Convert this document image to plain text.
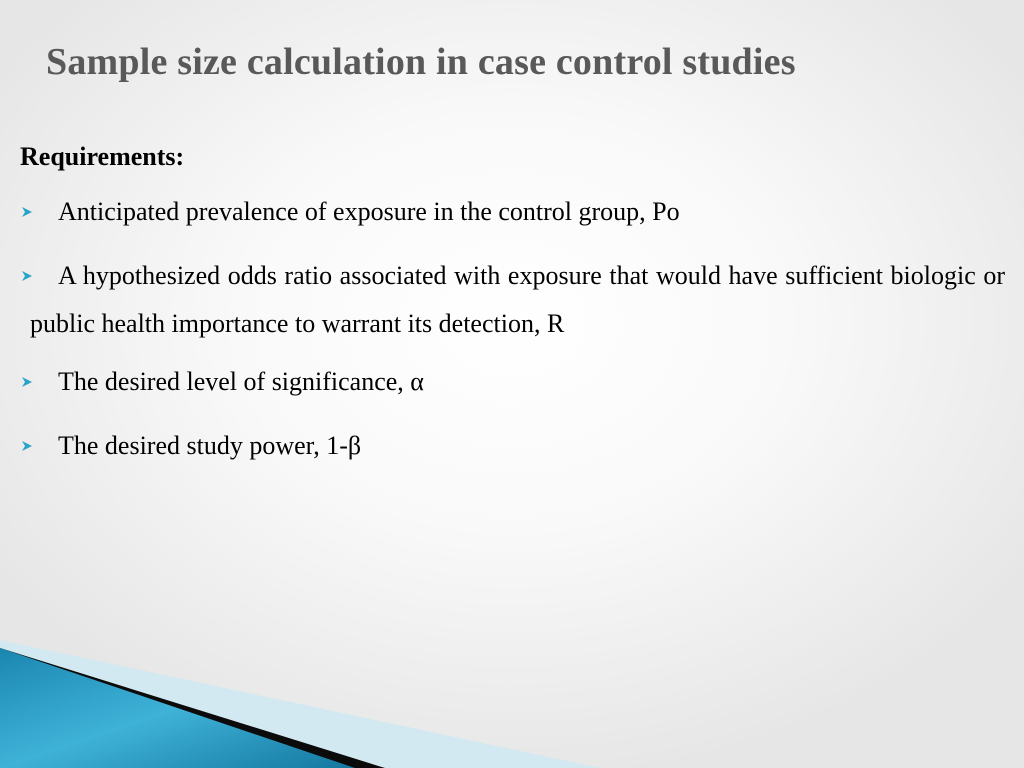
Sample size calculation in case control studies
Requirements:
Anticipated prevalence of exposure in the control group, Po
A hypothesized odds ratio associated with exposure that would have sufficient biologic or public health importance to warrant its detection, R
The desired level of significance, α
The desired study power, 1-β
